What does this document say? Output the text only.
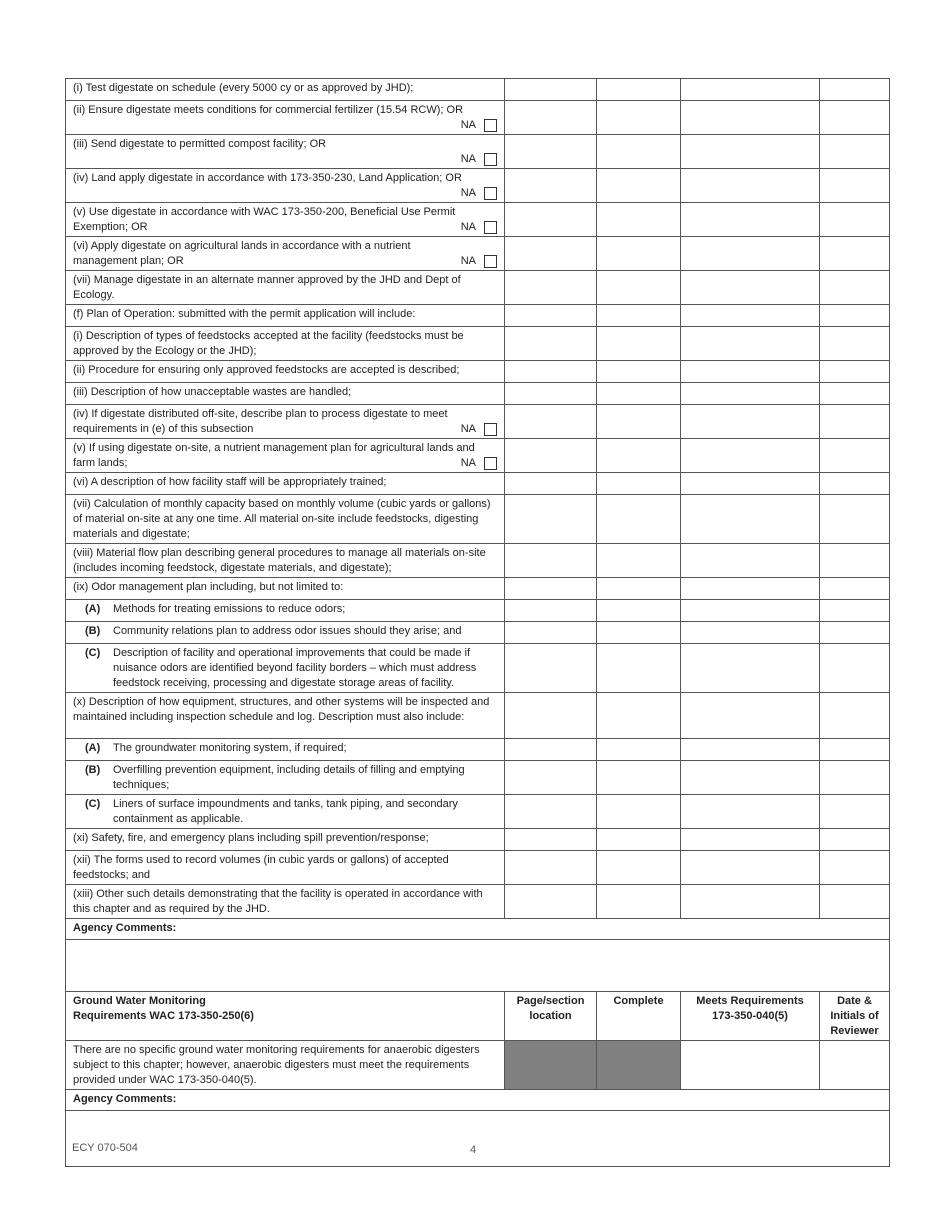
(i) Test digestate on schedule (every 5000 cy or as approved by JHD);				

(ii) Ensure digestate meets conditions for commercial fertilizer (15.54 RCW); OR
NA				

(iii) Send digestate to permitted compost facility; OR
NA				

(iv) Land apply digestate in accordance with 173-350-230, Land Application; OR
NA				

(v) Use digestate in accordance with WAC 173-350-200, Beneficial Use Permit
Exemption; OR NA				

(vi) Apply digestate on agricultural lands in accordance with a nutrient
management plan; OR NA				

(vii) Manage digestate in an alternate manner approved by the JHD and Dept of Ecology.				

(f) Plan of Operation: submitted with the permit application will include:				

(i) Description of types of feedstocks accepted at the facility (feedstocks must be approved by the Ecology or the JHD);				

(ii) Procedure for ensuring only approved feedstocks are accepted is described;				

(iii) Description of how unacceptable wastes are handled;				

(iv) If digestate distributed off-site, describe plan to process digestate to meet
requirements in (e) of this subsection NA				

(v) If using digestate on-site, a nutrient management plan for agricultural lands and
farm lands; NA				

(vi) A description of how facility staff will be appropriately trained;				

(vii) Calculation of monthly capacity based on monthly volume (cubic yards or gallons) of material on-site at any one time. All material on-site include feedstocks, digesting materials and digestate;				

(viii) Material flow plan describing general procedures to manage all materials on-site (includes incoming feedstock, digestate materials, and digestate);				

(ix) Odor management plan including, but not limited to:				

(A) Methods for treating emissions to reduce odors;				

(B) Community relations plan to address odor issues should they arise; and				

(C) Description of facility and operational improvements that could be made if nuisance odors are identified beyond facility borders – which must address feedstock receiving, processing and digestate storage areas of facility.				

(x) Description of how equipment, structures, and other systems will be inspected and maintained including inspection schedule and log. Description must also include:				

(A) The groundwater monitoring system, if required;				

(B) Overfilling prevention equipment, including details of filling and emptying techniques;				

(C) Liners of surface impoundments and tanks, tank piping, and secondary containment as applicable.				

(xi) Safety, fire, and emergency plans including spill prevention/response;				

(xii) The forms used to record volumes (in cubic yards or gallons) of accepted feedstocks; and				

(xiii) Other such details demonstrating that the facility is operated in accordance with this chapter and as required by the JHD.				

Agency Comments:				

Ground Water Monitoring
Requirements WAC 173-350-250(6)	Page/section location	Complete	Meets Requirements 173-350-040(5)	Date & Initials of Reviewer
There are no specific ground water monitoring requirements for anaerobic digesters subject to this chapter; however, anaerobic digesters must meet the requirements provided under WAC 173-350-040(5).				
Agency Comments:				

ECY 070-504	4
